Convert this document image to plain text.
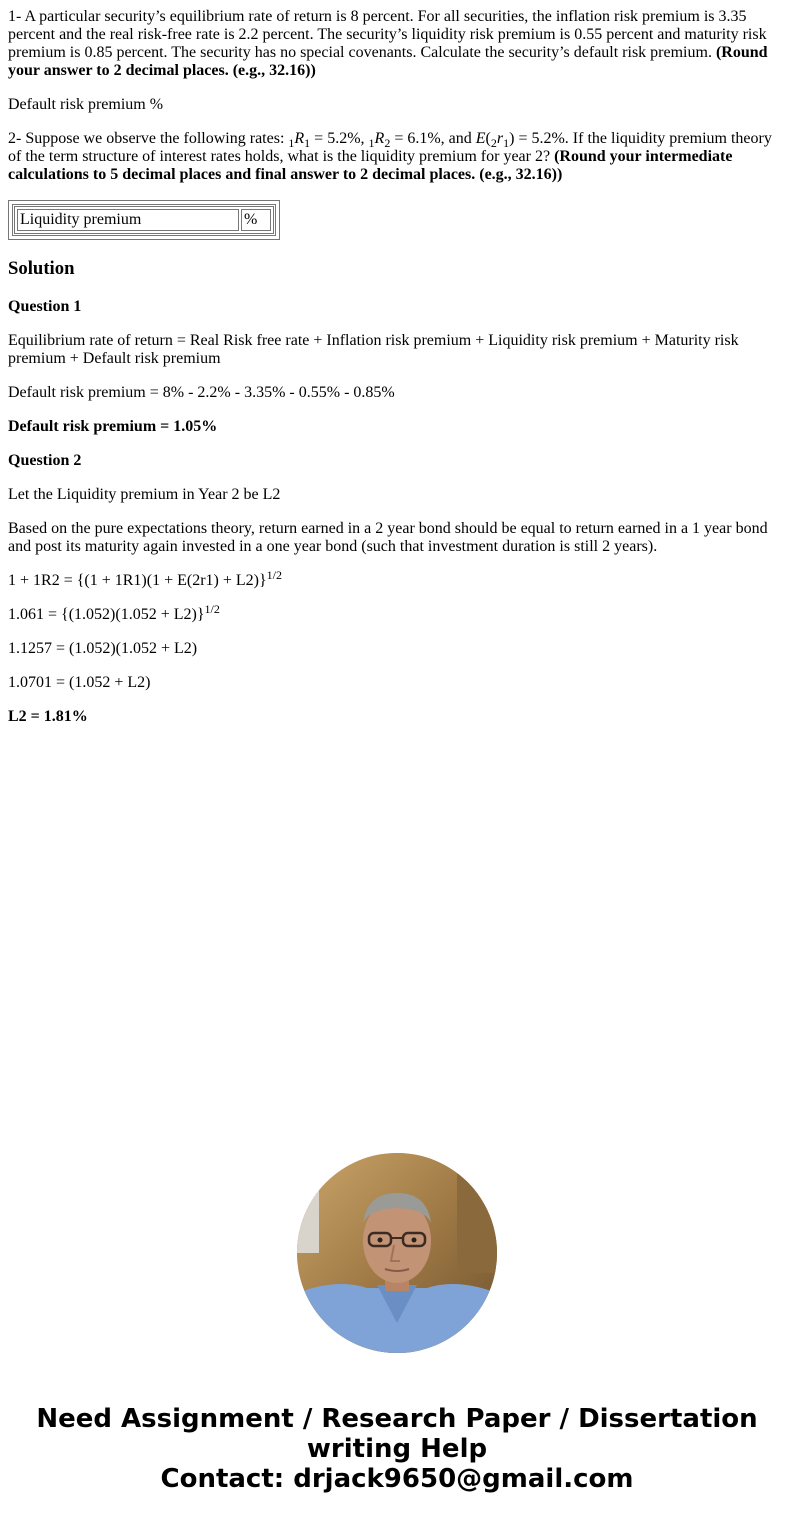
1- A particular security’s equilibrium rate of return is 8 percent. For all securities, the inflation risk premium is 3.35 percent and the real risk-free rate is 2.2 percent. The security’s liquidity risk premium is 0.55 percent and maturity risk premium is 0.85 percent. The security has no special covenants. Calculate the security’s default risk premium. (Round your answer to 2 decimal places. (e.g., 32.16))

Default risk premium %

2- Suppose we observe the following rates: $_1R_1 = 5.2\%$, $_1R_2 = 6.1\%$, and $E(_2r_1) = 5.2\%$. If the liquidity premium theory of the term structure of interest rates holds, what is the liquidity premium for year 2? (Round your intermediate calculations to 5 decimal places and final answer to 2 decimal places. (e.g., 32.16))

Liquidity premium	%
Solution

Question 1

Equilibrium rate of return = Real Risk free rate + Inflation risk premium + Liquidity risk premium + Maturity risk premium + Default risk premium

Default risk premium = 8% - 2.2% - 3.35% - 0.55% - 0.85%

Default risk premium = 1.05%

Question 2

Let the Liquidity premium in Year 2 be L2

Based on the pure expectations theory, return earned in a 2 year bond should be equal to return earned in a 1 year bond and post its maturity again invested in a one year bond (such that investment duration is still 2 years).

$1 + 1R2 = \{(1 + 1R1)(1 + E(2r1) + L2)\}^{1/2}$

$1.061 = \{(1.052)(1.052 + L2)\}^{1/2}$

1.1257 = (1.052)(1.052 + L2)

1.0701 = (1.052 + L2)

L2 = 1.81%

Need Assignment / Research Paper / Dissertation
writing Help
Contact: drjack9650@gmail.com
